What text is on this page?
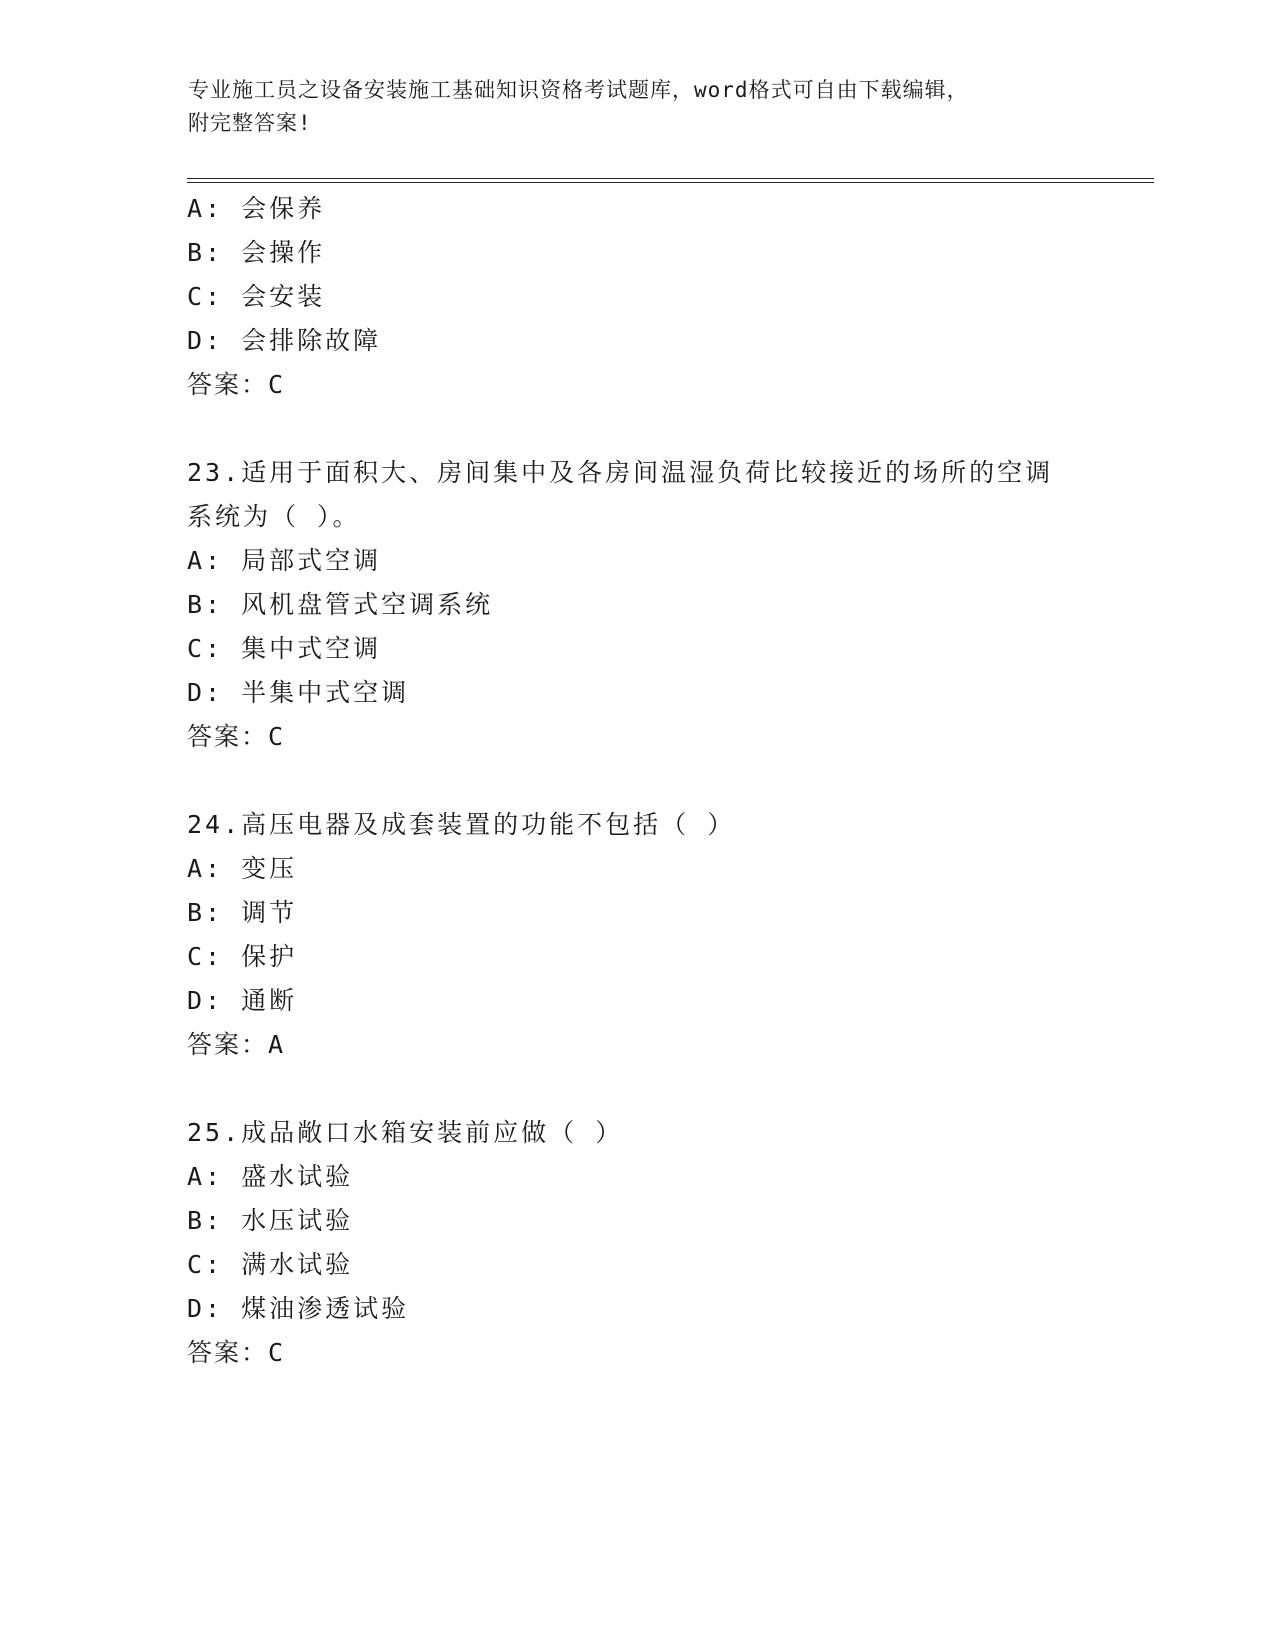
专业施工员之设备安装施工基础知识资格考试题库，word格式可自由下载编辑，
附完整答案!
A: 会保养
B: 会操作
C: 会安装
D: 会排除故障
答案：C
23.适用于面积大、房间集中及各房间温湿负荷比较接近的场所的空调
系统为（ ）。
A: 局部式空调
B: 风机盘管式空调系统
C: 集中式空调
D: 半集中式空调
答案：C
24.高压电器及成套装置的功能不包括（ ）
A: 变压
B: 调节
C: 保护
D: 通断
答案：A
25.成品敞口水箱安装前应做（ ）
A: 盛水试验
B: 水压试验
C: 满水试验
D: 煤油渗透试验
答案：C
